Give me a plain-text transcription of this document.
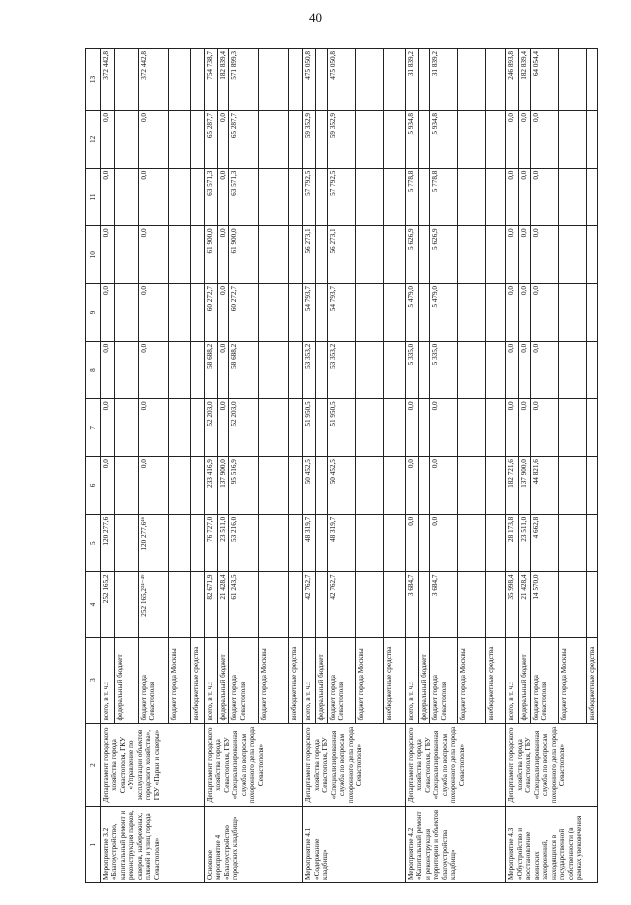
40
1	2	3	4	5	6	7	8	9	10	11	12	13
Мероприятие 3.2 «Благоустройство, капитальный ремонт и реконструкция парков, скверов, набережных, пляжей и улиц города Севастополя»	Департамент городского хозяйства города Севастополя, ГКУ «Управление по эксплуатации объектов городского хозяйства», ГБУ «Парки и скверы»	всего, в т. ч.:	252 165,2	120 277,6	0,0	0,0	0,0	0,0	0,0	0,0	0,0	372 442,8
		федеральный бюджет										
		бюджет города Севастополя	252 165,2²⁴⁻⁴⁹	120 277,6⁴⁶	0,0	0,0	0,0	0,0	0,0	0,0	0,0	372 442,8
		бюджет города Москвы										
		внебюджетные средства										
Основное мероприятие 4 «Благоустройство городских кладбищ»	Департамент городского хозяйства города Севастополя, ГБУ «Специализированная служба по вопросам похоронного дела города Севастополя»	всего, в т. ч.:	82 671,9	76 727,0	233 416,9	52 203,0	58 688,2	60 272,7	61 900,0	63 571,3	65 287,7	754 738,7
		федеральный бюджет	21 428,4	23 511,0	137 900,0	0,0	0,0	0,0	0,0	0,0	0,0	182 839,4
		бюджет города Севастополя	61 243,5	53 216,0	95 516,9	52 203,0	58 688,2	60 272,7	61 900,0	63 571,3	65 287,7	571 899,3
		бюджет города Москвы										
		внебюджетные средства										
Мероприятие 4.1 «Содержание кладбищ»	Департамент городского хозяйства города Севастополя, ГБУ «Специализированная служба по вопросам похоронного дела города Севастополя»	всего, в т. ч.:	42 762,7	48 319,7	50 452,5	51 950,5	53 353,2	54 793,7	56 273,1	57 792,5	59 352,9	475 050,8
		федеральный бюджет										
		бюджет города Севастополя	42 762,7	48 319,7	50 452,5	51 950,5	53 353,2	54 793,7	56 273,1	57 792,5	59 352,9	475 050,8
		бюджет города Москвы										
		внебюджетные средства										
Мероприятие 4.2 «Капитальный ремонт и реконструкция территории и объектов благоустройства кладбищ»	Департамент городского хозяйства города Севастополя, ГБУ «Специализированная служба по вопросам похоронного дела города Севастополя»	всего, в т. ч.:	3 684,7	0,0	0,0	0,0	5 335,0	5 479,0	5 626,9	5 778,8	5 934,8	31 839,2
		федеральный бюджет										
		бюджет города Севастополя	3 684,7	0,0	0,0	0,0	5 335,0	5 479,0	5 626,9	5 778,8	5 934,8	31 839,2
		бюджет города Москвы										
		внебюджетные средства										
Мероприятие 4.3 «Обустройство и восстановление воинских захоронений, находящихся в государственной собственности (в рамках увековечения	Департамент городского хозяйства города Севастополя, ГБУ «Специализированная служба по вопросам похоронного дела города Севастополя»	всего, в т. ч.:	35 998,4	28 173,8	182 721,6	0,0	0,0	0,0	0,0	0,0	0,0	246 893,8
		федеральный бюджет	21 428,4	23 511,0	137 900,0	0,0	0,0	0,0	0,0	0,0	0,0	182 839,4
		бюджет города Севастополя	14 570,0	4 662,8	44 821,6	0,0	0,0	0,0	0,0	0,0	0,0	64 054,4
		бюджет города Москвы										
		внебюджетные средства										
